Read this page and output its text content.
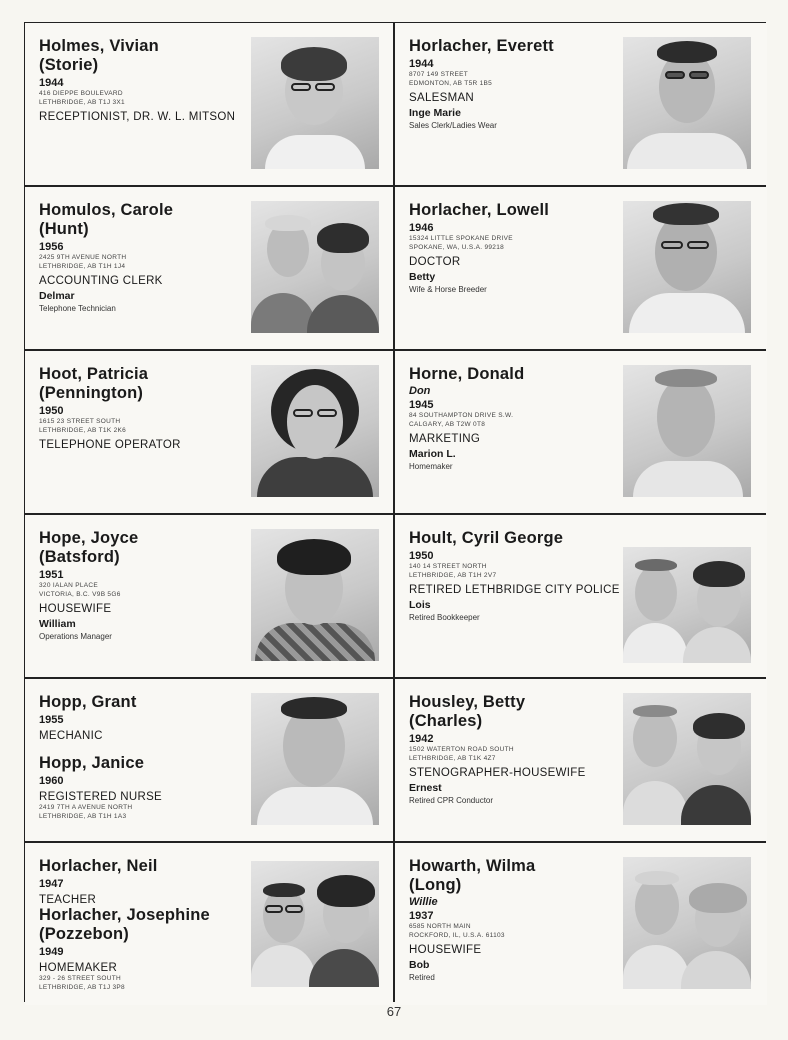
Holmes, Vivian
(Storie)
1944
416 DIEPPE BOULEVARD
LETHBRIDGE, AB T1J 3X1
RECEPTIONIST, DR. W. L. MITSON
Horlacher, Everett
1944
8707 149 STREET
EDMONTON, AB T5R 1B5
SALESMAN
Inge Marie
Sales Clerk/Ladies Wear
Homulos, Carole
(Hunt)
1956
2425 9TH AVENUE NORTH
LETHBRIDGE, AB T1H 1J4
ACCOUNTING CLERK
Delmar
Telephone Technician
Horlacher, Lowell
1946
15324 LITTLE SPOKANE DRIVE
SPOKANE, WA, U.S.A. 99218
DOCTOR
Betty
Wife & Horse Breeder
Hoot, Patricia
(Pennington)
1950
1615 23 STREET SOUTH
LETHBRIDGE, AB T1K 2K6
TELEPHONE OPERATOR
Horne, Donald
Don
1945
84 SOUTHAMPTON DRIVE S.W.
CALGARY, AB T2W 0T8
MARKETING
Marion L.
Homemaker
Hope, Joyce
(Batsford)
1951
320 IALAN PLACE
VICTORIA, B.C. V9B 5G6
HOUSEWIFE
William
Operations Manager
Hoult, Cyril George
1950
140 14 STREET NORTH
LETHBRIDGE, AB T1H 2V7
RETIRED LETHBRIDGE CITY POLICE
Lois
Retired Bookkeeper
Hopp, Grant
1955
MECHANIC
Hopp, Janice
1960
REGISTERED NURSE
2419 7TH A AVENUE NORTH
LETHBRIDGE, AB T1H 1A3
Housley, Betty
(Charles)
1942
1502 WATERTON ROAD SOUTH
LETHBRIDGE, AB T1K 4Z7
STENOGRAPHER-HOUSEWIFE
Ernest
Retired CPR Conductor
Horlacher, Neil
1947
TEACHER
Horlacher, Josephine
(Pozzebon)
1949
HOMEMAKER
329 - 26 STREET SOUTH
LETHBRIDGE, AB T1J 3P8
Howarth, Wilma
(Long)
Willie
1937
6585 NORTH MAIN
ROCKFORD, IL, U.S.A. 61103
HOUSEWIFE
Bob
Retired
67
